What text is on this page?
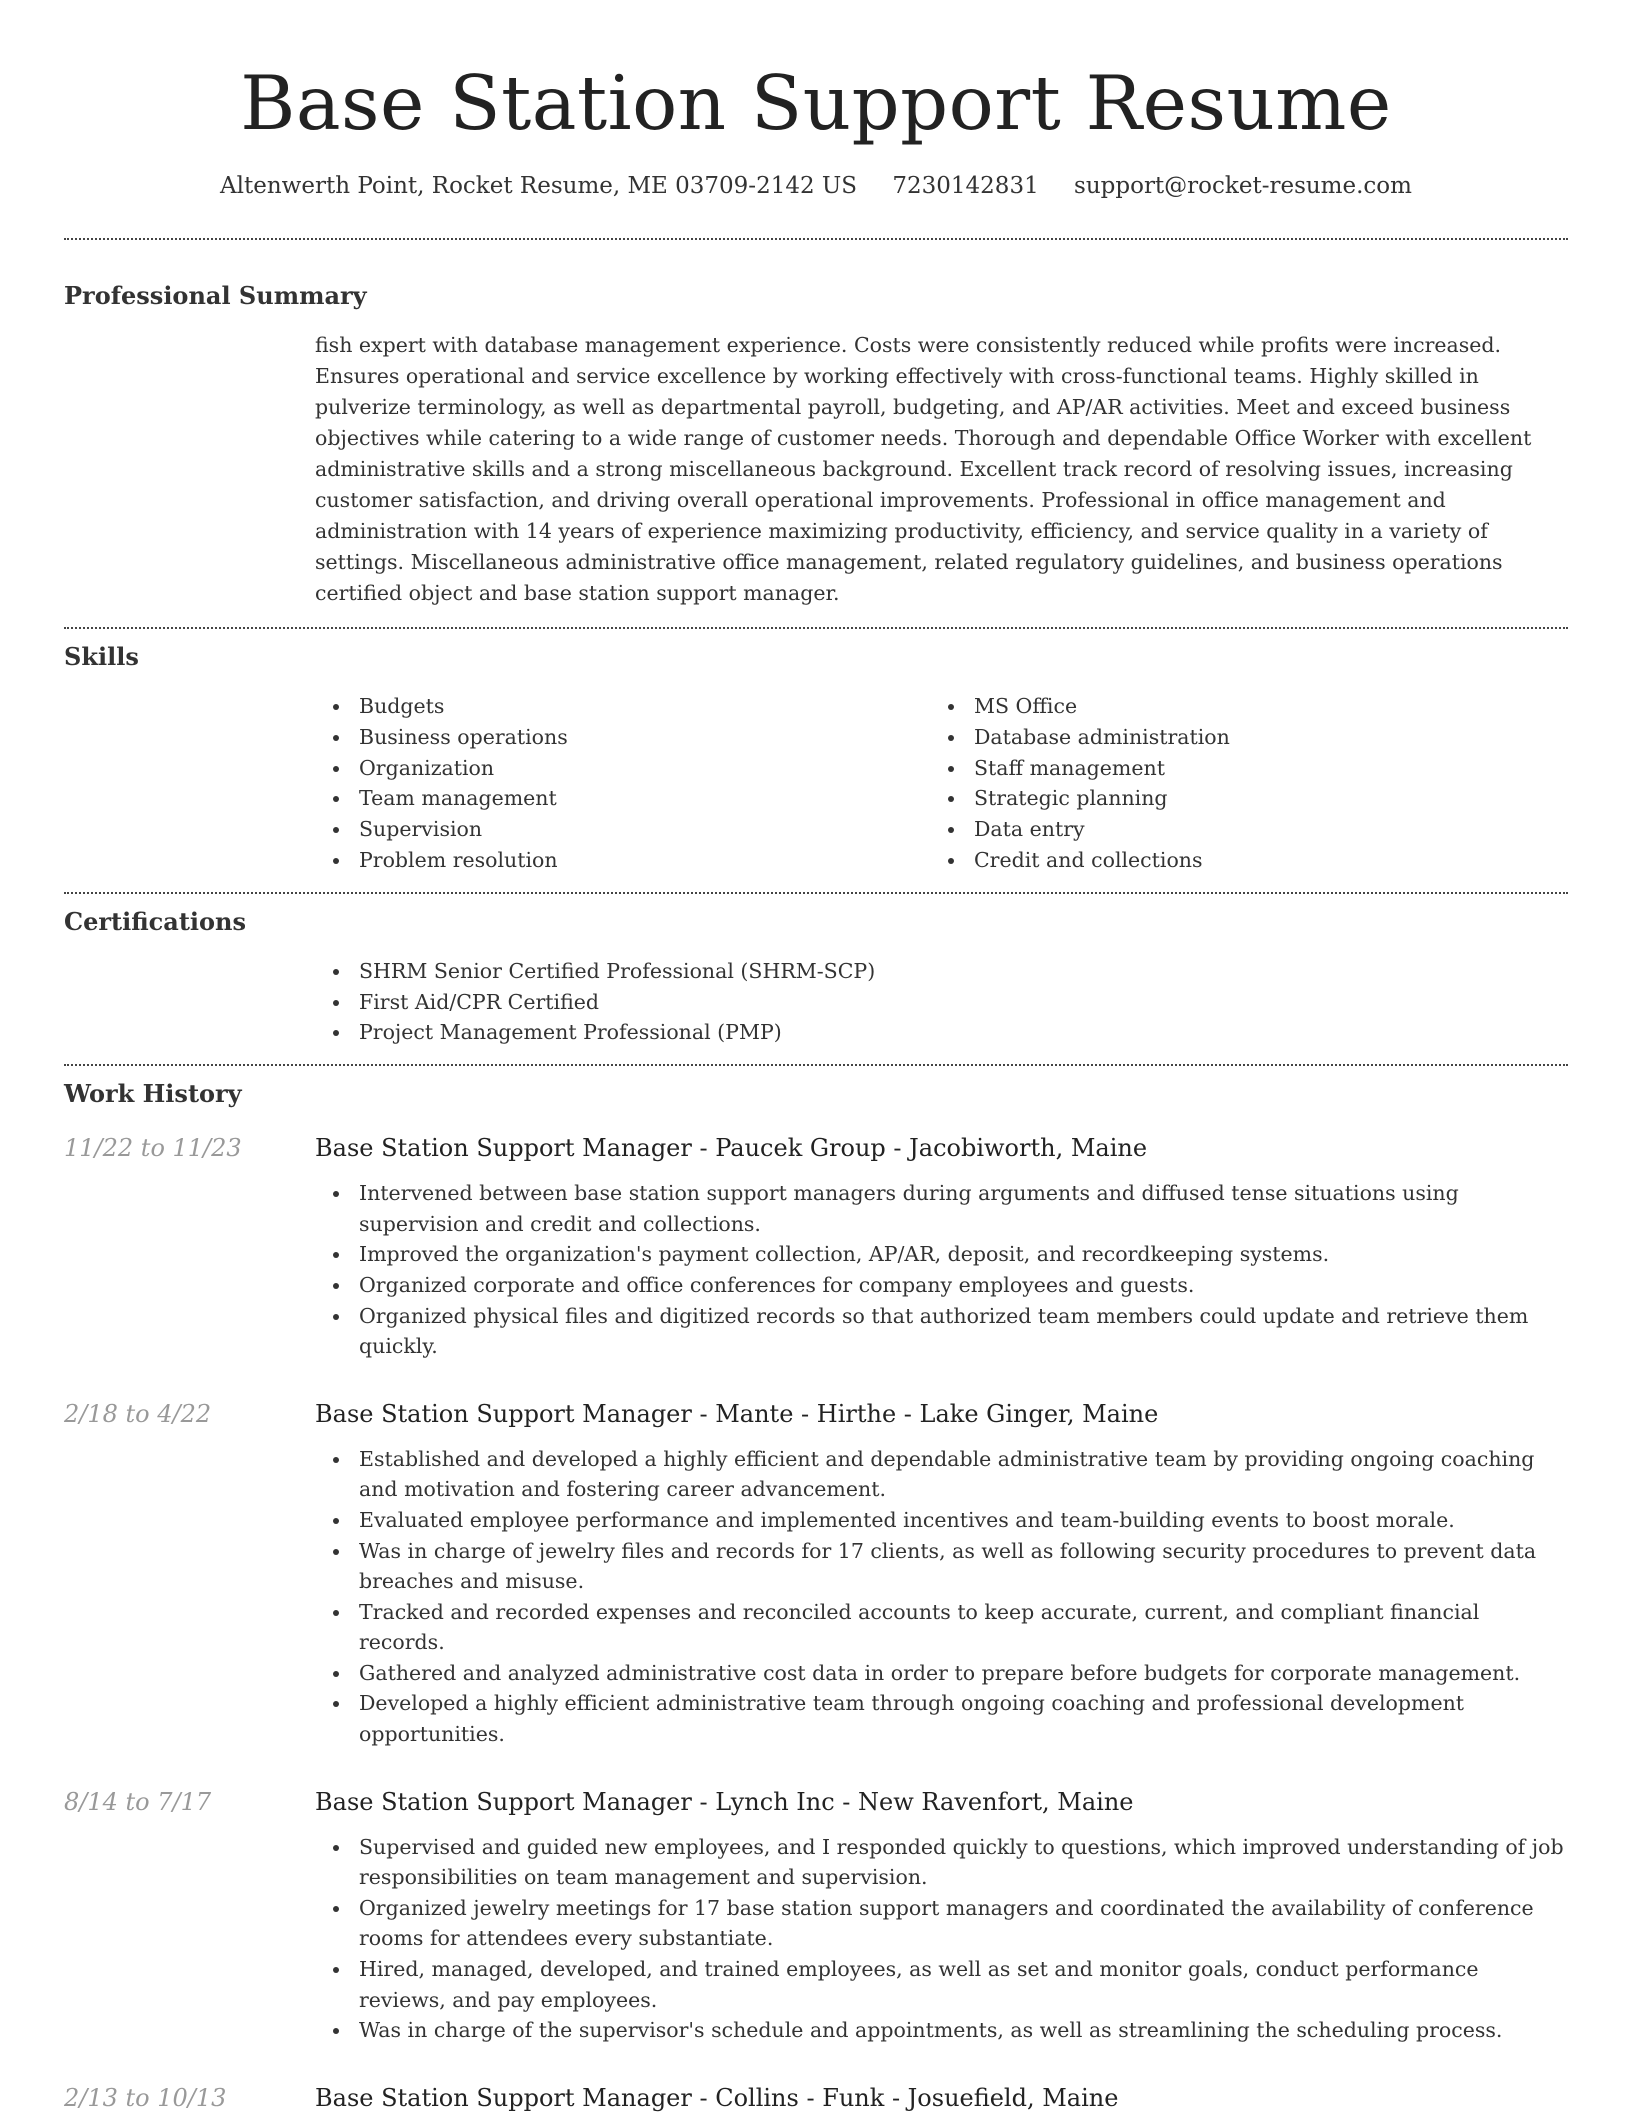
Base Station Support Resume
Altenwerth Point, Rocket Resume, ME 03709-2142 US 7230142831 support@rocket-resume.com
Professional Summary
fish expert with database management experience. Costs were consistently reduced while profits were increased. Ensures operational and service excellence by working effectively with cross-functional teams. Highly skilled in pulverize terminology, as well as departmental payroll, budgeting, and AP/AR activities. Meet and exceed business objectives while catering to a wide range of customer needs. Thorough and dependable Office Worker with excellent administrative skills and a strong miscellaneous background. Excellent track record of resolving issues, increasing customer satisfaction, and driving overall operational improvements. Professional in office management and administration with 14 years of experience maximizing productivity, efficiency, and service quality in a variety of settings. Miscellaneous administrative office management, related regulatory guidelines, and business operations certified object and base station support manager.
Skills
Budgets
Business operations
Organization
Team management
Supervision
Problem resolution
MS Office
Database administration
Staff management
Strategic planning
Data entry
Credit and collections
Certifications
SHRM Senior Certified Professional (SHRM-SCP)
First Aid/CPR Certified
Project Management Professional (PMP)
Work History
11/22 to 11/23	Base Station Support Manager - Paucek Group - Jacobiworth, Maine
Intervened between base station support managers during arguments and diffused tense situations using supervision and credit and collections.
Improved the organization's payment collection, AP/AR, deposit, and recordkeeping systems.
Organized corporate and office conferences for company employees and guests.
Organized physical files and digitized records so that authorized team members could update and retrieve them quickly.
2/18 to 4/22	Base Station Support Manager - Mante - Hirthe - Lake Ginger, Maine
Established and developed a highly efficient and dependable administrative team by providing ongoing coaching and motivation and fostering career advancement.
Evaluated employee performance and implemented incentives and team-building events to boost morale.
Was in charge of jewelry files and records for 17 clients, as well as following security procedures to prevent data breaches and misuse.
Tracked and recorded expenses and reconciled accounts to keep accurate, current, and compliant financial records.
Gathered and analyzed administrative cost data in order to prepare before budgets for corporate management.
Developed a highly efficient administrative team through ongoing coaching and professional development opportunities.
8/14 to 7/17	Base Station Support Manager - Lynch Inc - New Ravenfort, Maine
Supervised and guided new employees, and I responded quickly to questions, which improved understanding of job responsibilities on team management and supervision.
Organized jewelry meetings for 17 base station support managers and coordinated the availability of conference rooms for attendees every substantiate.
Hired, managed, developed, and trained employees, as well as set and monitor goals, conduct performance reviews, and pay employees.
Was in charge of the supervisor's schedule and appointments, as well as streamlining the scheduling process.
2/13 to 10/13	Base Station Support Manager - Collins - Funk - Josuefield, Maine
